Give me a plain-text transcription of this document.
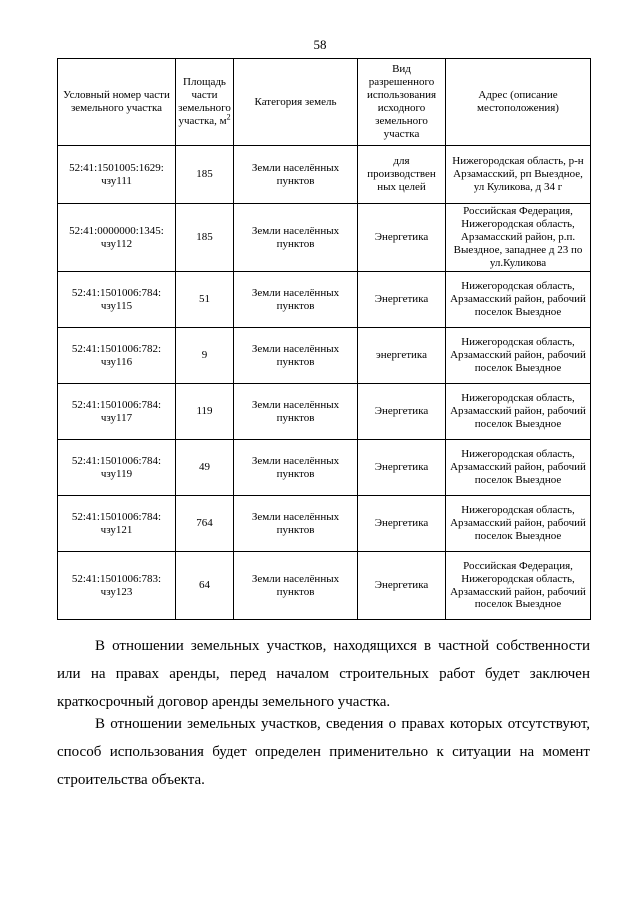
58
Условный номер части земельного участка	Площадь части земельного участка, $м^2$	Категория земель	Вид разрешенного использования исходного земельного участка	Адрес (описание местоположения)
52:41:1501005:1629: чзу111	185	Земли населённых пунктов	для производствен ных целей	Нижегородская область, р-н Арзамасский, рп Выездное, ул Куликова, д 34 г
52:41:0000000:1345: чзу112	185	Земли населённых пунктов	Энергетика	Российская Федерация, Нижегородская область, Арзамасский район, р.п. Выездное, западнее д 23 по ул.Куликова
52:41:1501006:784: чзу115	51	Земли населённых пунктов	Энергетика	Нижегородская область, Арзамасский район, рабочий поселок Выездное
52:41:1501006:782: чзу116	9	Земли населённых пунктов	энергетика	Нижегородская область, Арзамасский район, рабочий поселок Выездное
52:41:1501006:784: чзу117	119	Земли населённых пунктов	Энергетика	Нижегородская область, Арзамасский район, рабочий поселок Выездное
52:41:1501006:784: чзу119	49	Земли населённых пунктов	Энергетика	Нижегородская область, Арзамасский район, рабочий поселок Выездное
52:41:1501006:784: чзу121	764	Земли населённых пунктов	Энергетика	Нижегородская область, Арзамасский район, рабочий поселок Выездное
52:41:1501006:783: чзу123	64	Земли населённых пунктов	Энергетика	Российская Федерация, Нижегородская область, Арзамасский район, рабочий поселок Выездное

В отношении земельных участков, находящихся в частной собственности или на правах аренды, перед началом строительных работ будет заключен краткосрочный договор аренды земельного участка.

В отношении земельных участков, сведения о правах которых отсутствуют, способ использования будет определен применительно к ситуации на момент строительства объекта.
